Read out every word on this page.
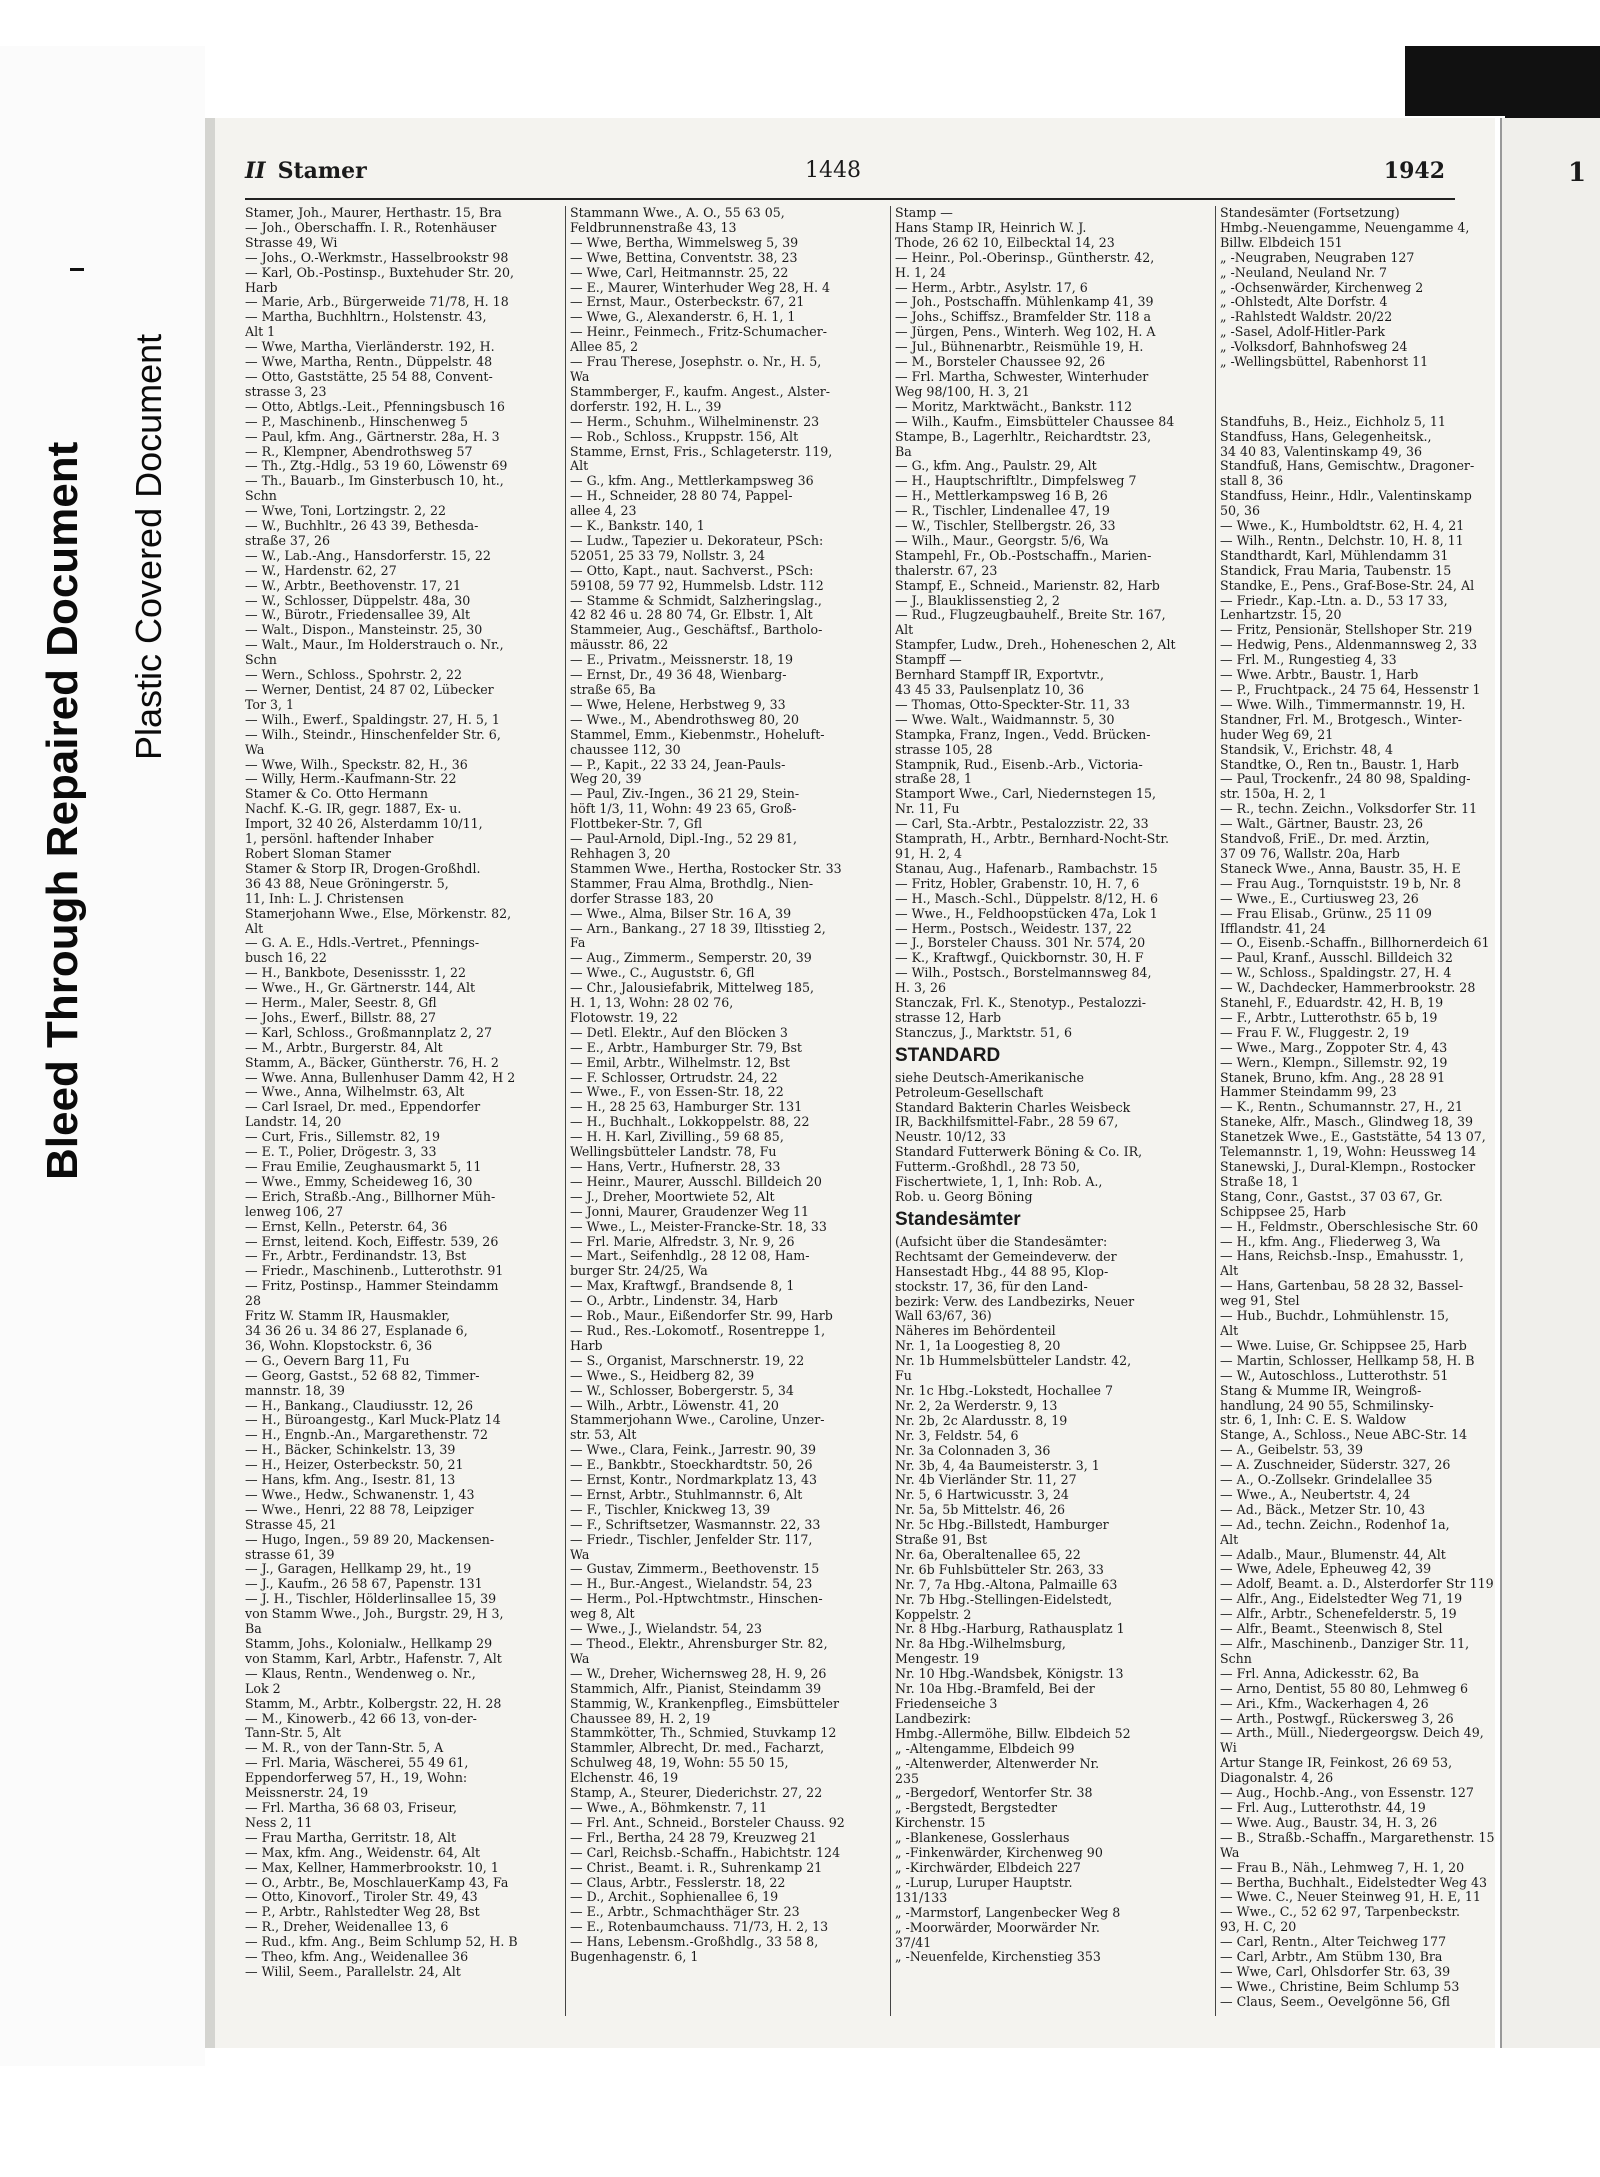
Bleed Through Repaired Document Plastic Covered Document
II Stamer	1448	1942
Stamer, Joh., Maurer, Herthastr. 15, Bra
— Joh., Oberschaffn. I. R., Rotenhäuser
Strasse 49, Wi
— Johs., O.-Werkmstr., Hasselbrookstr 98
— Karl, Ob.-Postinsp., Buxtehuder Str. 20,
Harb
— Marie, Arb., Bürgerweide 71/78, H. 18
— Martha, Buchhltrn., Holstenstr. 43,
Alt 1
— Wwe, Martha, Vierländerstr. 192, H.
— Wwe, Martha, Rentn., Düppelstr. 48
— Otto, Gaststätte, 25 54 88, Convent-
strasse 3, 23
— Otto, Abtlgs.-Leit., Pfenningsbusch 16
— P., Maschinenb., Hinschenweg 5
— Paul, kfm. Ang., Gärtnerstr. 28a, H. 3
— R., Klempner, Abendrothsweg 57
— Th., Ztg.-Hdlg., 53 19 60, Löwenstr 69
— Th., Bauarb., Im Ginsterbusch 10, ht.,
Schn
— Wwe, Toni, Lortzingstr. 2, 22
— W., Buchhltr., 26 43 39, Bethesda-
straße 37, 26
— W., Lab.-Ang., Hansdorferstr. 15, 22
— W., Hardenstr. 62, 27
— W., Arbtr., Beethovenstr. 17, 21
— W., Schlosser, Düppelstr. 48a, 30
— W., Bürotr., Friedensallee 39, Alt
— Walt., Dispon., Mansteinstr. 25, 30
— Walt., Maur., Im Holderstrauch o. Nr.,
Schn
— Wern., Schloss., Spohrstr. 2, 22
— Werner, Dentist, 24 87 02, Lübecker
Tor 3, 1
— Wilh., Ewerf., Spaldingstr. 27, H. 5, 1
— Wilh., Steindr., Hinschenfelder Str. 6,
Wa
— Wwe, Wilh., Speckstr. 82, H., 36
— Willy, Herm.-Kaufmann-Str. 22
Stamer & Co. Otto Hermann
Nachf. K.-G. IR, gegr. 1887, Ex- u.
Import, 32 40 26, Alsterdamm 10/11,
1, persönl. haftender Inhaber
Robert Sloman Stamer
Stamer & Storp IR, Drogen-Großhdl.
36 43 88, Neue Gröningerstr. 5,
11, Inh: L. J. Christensen
Stamerjohann Wwe., Else, Mörkenstr. 82,
Alt
— G. A. E., Hdls.-Vertret., Pfennings-
busch 16, 22
— H., Bankbote, Desenissstr. 1, 22
— Wwe., H., Gr. Gärtnerstr. 144, Alt
— Herm., Maler, Seestr. 8, Gfl
— Johs., Ewerf., Billstr. 88, 27
— Karl, Schloss., Großmannplatz 2, 27
— M., Arbtr., Burgerstr. 84, Alt
Stamm, A., Bäcker, Güntherstr. 76, H. 2
— Wwe. Anna, Bullenhuser Damm 42, H 2
— Wwe., Anna, Wilhelmstr. 63, Alt
— Carl Israel, Dr. med., Eppendorfer
Landstr. 14, 20
— Curt, Fris., Sillemstr. 82, 19
— E. T., Polier, Drögestr. 3, 33
— Frau Emilie, Zeughausmarkt 5, 11
— Wwe., Emmy, Scheideweg 16, 30
— Erich, Straßb.-Ang., Billhorner Müh-
lenweg 106, 27
— Ernst, Kelln., Peterstr. 64, 36
— Ernst, leitend. Koch, Eiffestr. 539, 26
— Fr., Arbtr., Ferdinandstr. 13, Bst
— Friedr., Maschinenb., Lutterothstr. 91
— Fritz, Postinsp., Hammer Steindamm
28
Fritz W. Stamm IR, Hausmakler,
34 36 26 u. 34 86 27, Esplanade 6,
36, Wohn. Klopstockstr. 6, 36
— G., Oevern Barg 11, Fu
— Georg, Gastst., 52 68 82, Timmer-
mannstr. 18, 39
— H., Bankang., Claudiusstr. 12, 26
— H., Büroangestg., Karl Muck-Platz 14
— H., Engnb.-An., Margarethenstr. 72
— H., Bäcker, Schinkelstr. 13, 39
— H., Heizer, Osterbeckstr. 50, 21
— Hans, kfm. Ang., Isestr. 81, 13
— Wwe., Hedw., Schwanenstr. 1, 43
— Wwe., Henri, 22 88 78, Leipziger
Strasse 45, 21
— Hugo, Ingen., 59 89 20, Mackensen-
strasse 61, 39
— J., Garagen, Hellkamp 29, ht., 19
— J., Kaufm., 26 58 67, Papenstr. 131
— J. H., Tischler, Hölderlinsallee 15, 39
von Stamm Wwe., Joh., Burgstr. 29, H 3,
Ba
Stamm, Johs., Kolonialw., Hellkamp 29
von Stamm, Karl, Arbtr., Hafenstr. 7, Alt
— Klaus, Rentn., Wendenweg o. Nr.,
Lok 2
Stamm, M., Arbtr., Kolbergstr. 22, H. 28
— M., Kinowerb., 42 66 13, von-der-
Tann-Str. 5, Alt
— M. R., von der Tann-Str. 5, A
— Frl. Maria, Wäscherei, 55 49 61,
Eppendorferweg 57, H., 19, Wohn:
Meissnerstr. 24, 19
— Frl. Martha, 36 68 03, Friseur,
Ness 2, 11
— Frau Martha, Gerritstr. 18, Alt
— Max, kfm. Ang., Weidenstr. 64, Alt
— Max, Kellner, Hammerbrookstr. 10, 1
— O., Arbtr., Be, MoschlauerKamp 43, Fa
— Otto, Kinovorf., Tiroler Str. 49, 43
— P., Arbtr., Rahlstedter Weg 28, Bst
— R., Dreher, Weidenallee 13, 6
— Rud., kfm. Ang., Beim Schlump 52, H. B
— Theo, kfm. Ang., Weidenallee 36
— Wilil, Seem., Parallelstr. 24, Alt
Stammann Wwe., A. O., 55 63 05,
Feldbrunnenstraße 43, 13
— Wwe, Bertha, Wimmelsweg 5, 39
— Wwe, Bettina, Conventstr. 38, 23
— Wwe, Carl, Heitmannstr. 25, 22
— E., Maurer, Winterhuder Weg 28, H. 4
— Ernst, Maur., Osterbeckstr. 67, 21
— Wwe, G., Alexanderstr. 6, H. 1, 1
— Heinr., Feinmech., Fritz-Schumacher-
Allee 85, 2
— Frau Therese, Josephstr. o. Nr., H. 5,
Wa
Stammberger, F., kaufm. Angest., Alster-
dorferstr. 192, H. L., 39
— Herm., Schuhm., Wilhelminenstr. 23
— Rob., Schloss., Kruppstr. 156, Alt
Stamme, Ernst, Fris., Schlageterstr. 119,
Alt
— G., kfm. Ang., Mettlerkampsweg 36
— H., Schneider, 28 80 74, Pappel-
allee 4, 23
— K., Bankstr. 140, 1
— Ludw., Tapezier u. Dekorateur, PSch:
52051, 25 33 79, Nollstr. 3, 24
— Otto, Kapt., naut. Sachverst., PSch:
59108, 59 77 92, Hummelsb. Ldstr. 112
— Stamme & Schmidt, Salzheringslag.,
42 82 46 u. 28 80 74, Gr. Elbstr. 1, Alt
Stammeier, Aug., Geschäftsf., Bartholo-
mäusstr. 86, 22
— E., Privatm., Meissnerstr. 18, 19
— Ernst, Dr., 49 36 48, Wienbarg-
straße 65, Ba
— Wwe, Helene, Herbstweg 9, 33
— Wwe., M., Abendrothsweg 80, 20
Stammel, Emm., Kiebenmstr., Hoheluft-
chaussee 112, 30
— P., Kapit., 22 33 24, Jean-Pauls-
Weg 20, 39
— Paul, Ziv.-Ingen., 36 21 29, Stein-
höft 1/3, 11, Wohn: 49 23 65, Groß-
Flottbeker-Str. 7, Gfl
— Paul-Arnold, Dipl.-Ing., 52 29 81,
Rehhagen 3, 20
Stammen Wwe., Hertha, Rostocker Str. 33
Stammer, Frau Alma, Brothdlg., Nien-
dorfer Strasse 183, 20
— Wwe., Alma, Bilser Str. 16 A, 39
— Arn., Bankang., 27 18 39, Iltisstieg 2,
Fa
— Aug., Zimmerm., Semperstr. 20, 39
— Wwe., C., Auguststr. 6, Gfl
— Chr., Jalousiefabrik, Mittelweg 185,
H. 1, 13, Wohn: 28 02 76,
Flotowstr. 19, 22
— Detl. Elektr., Auf den Blöcken 3
— E., Arbtr., Hamburger Str. 79, Bst
— Emil, Arbtr., Wilhelmstr. 12, Bst
— F. Schlosser, Ortrudstr. 24, 22
— Wwe., F., von Essen-Str. 18, 22
— H., 28 25 63, Hamburger Str. 131
— H., Buchhalt., Lokkoppelstr. 88, 22
— H. H. Karl, Zivilling., 59 68 85,
Wellingsbütteler Landstr. 78, Fu
— Hans, Vertr., Hufnerstr. 28, 33
— Heinr., Maurer, Ausschl. Billdeich 20
— J., Dreher, Moortwiete 52, Alt
— Jonni, Maurer, Graudenzer Weg 11
— Wwe., L., Meister-Francke-Str. 18, 33
— Frl. Marie, Alfredstr. 3, Nr. 9, 26
— Mart., Seifenhdlg., 28 12 08, Ham-
burger Str. 24/25, Wa
— Max, Kraftwgf., Brandsende 8, 1
— O., Arbtr., Lindenstr. 34, Harb
— Rob., Maur., Eißendorfer Str. 99, Harb
— Rud., Res.-Lokomotf., Rosentreppe 1,
Harb
— S., Organist, Marschnerstr. 19, 22
— Wwe., S., Heidberg 82, 39
— W., Schlosser, Bobergerstr. 5, 34
— Wilh., Arbtr., Löwenstr. 41, 20
Stammerjohann Wwe., Caroline, Unzer-
str. 53, Alt
— Wwe., Clara, Feink., Jarrestr. 90, 39
— E., Bankbtr., Stoeckhardtstr. 50, 26
— Ernst, Kontr., Nordmarkplatz 13, 43
— Ernst, Arbtr., Stuhlmannstr. 6, Alt
— F., Tischler, Knickweg 13, 39
— F., Schriftsetzer, Wasmannstr. 22, 33
— Friedr., Tischler, Jenfelder Str. 117,
Wa
— Gustav, Zimmerm., Beethovenstr. 15
— H., Bur.-Angest., Wielandstr. 54, 23
— Herm., Pol.-Hptwchtmstr., Hinschen-
weg 8, Alt
— Wwe., J., Wielandstr. 54, 23
— Theod., Elektr., Ahrensburger Str. 82,
Wa
— W., Dreher, Wichernsweg 28, H. 9, 26
Stammich, Alfr., Pianist, Steindamm 39
Stammig, W., Krankenpfleg., Eimsbütteler
Chaussee 89, H. 2, 19
Stammkötter, Th., Schmied, Stuvkamp 12
Stammler, Albrecht, Dr. med., Facharzt,
Schulweg 48, 19, Wohn: 55 50 15,
Elchenstr. 46, 19
Stamp, A., Steurer, Diederichstr. 27, 22
— Wwe., A., Böhmkenstr. 7, 11
— Frl. Ant., Schneid., Borsteler Chauss. 92
— Frl., Bertha, 24 28 79, Kreuzweg 21
— Carl, Reichsb.-Schaffn., Habichtstr. 124
— Christ., Beamt. i. R., Suhrenkamp 21
— Claus, Arbtr., Fesslerstr. 18, 22
— D., Archit., Sophienallee 6, 19
— E., Arbtr., Schmachthäger Str. 23
— E., Rotenbaumchauss. 71/73, H. 2, 13
— Hans, Lebensm.-Großhdlg., 33 58 8,
Bugenhagenstr. 6, 1
Stamp —
Hans Stamp IR, Heinrich W. J.
Thode, 26 62 10, Eilbecktal 14, 23
— Heinr., Pol.-Oberinsp., Güntherstr. 42,
H. 1, 24
— Herm., Arbtr., Asylstr. 17, 6
— Joh., Postschaffn. Mühlenkamp 41, 39
— Johs., Schiffsz., Bramfelder Str. 118 a
— Jürgen, Pens., Winterh. Weg 102, H. A
— Jul., Bühnenarbtr., Reismühle 19, H.
— M., Borsteler Chaussee 92, 26
— Frl. Martha, Schwester, Winterhuder
Weg 98/100, H. 3, 21
— Moritz, Marktwächt., Bankstr. 112
— Wilh., Kaufm., Eimsbütteler Chaussee 84
Stampe, B., Lagerhltr., Reichardtstr. 23,
Ba
— G., kfm. Ang., Paulstr. 29, Alt
— H., Hauptschriftltr., Dimpfelsweg 7
— H., Mettlerkampsweg 16 B, 26
— R., Tischler, Lindenallee 47, 19
— W., Tischler, Stellbergstr. 26, 33
— Wilh., Maur., Georgstr. 5/6, Wa
Stampehl, Fr., Ob.-Postschaffn., Marien-
thalerstr. 67, 23
Stampf, E., Schneid., Marienstr. 82, Harb
— J., Blauklissenstieg 2, 2
— Rud., Flugzeugbauhelf., Breite Str. 167,
Alt
Stampfer, Ludw., Dreh., Hoheneschen 2, Alt
Stampff —
Bernhard Stampff IR, Exportvtr.,
43 45 33, Paulsenplatz 10, 36
— Thomas, Otto-Speckter-Str. 11, 33
— Wwe. Walt., Waidmannstr. 5, 30
Stampka, Franz, Ingen., Vedd. Brücken-
strasse 105, 28
Stampnik, Rud., Eisenb.-Arb., Victoria-
straße 28, 1
Stamport Wwe., Carl, Niedernstegen 15,
Nr. 11, Fu
— Carl, Sta.-Arbtr., Pestalozzistr. 22, 33
Stamprath, H., Arbtr., Bernhard-Nocht-Str.
91, H. 2, 4
Stanau, Aug., Hafenarb., Rambachstr. 15
— Fritz, Hobler, Grabenstr. 10, H. 7, 6
— H., Masch.-Schl., Düppelstr. 8/12, H. 6
— Wwe., H., Feldhoopstücken 47a, Lok 1
— Herm., Postsch., Weidestr. 137, 22
— J., Borsteler Chauss. 301 Nr. 574, 20
— K., Kraftwgf., Quickbornstr. 30, H. F
— Wilh., Postsch., Borstelmannsweg 84,
H. 3, 26
Stanczak, Frl. K., Stenotyp., Pestalozzi-
strasse 12, Harb
Stanczus, J., Marktstr. 51, 6
STANDARD
siehe Deutsch-Amerikanische
Petroleum-Gesellschaft
Standard Bakterin Charles Weisbeck
IR, Backhilfsmittel-Fabr., 28 59 67,
Neustr. 10/12, 33
Standard Futterwerk Böning & Co. IR,
Futterm.-Großhdl., 28 73 50,
Fischertwiete, 1, 1, Inh: Rob. A.,
Rob. u. Georg Böning
Standesämter
(Aufsicht über die Standesämter:
Rechtsamt der Gemeindeverw. der
Hansestadt Hbg., 44 88 95, Klop-
stockstr. 17, 36, für den Land-
bezirk: Verw. des Landbezirks, Neuer
Wall 63/67, 36)
Näheres im Behördenteil
Nr. 1, 1a Loogestieg 8, 20
Nr. 1b Hummelsbütteler Landstr. 42,
Fu
Nr. 1c Hbg.-Lokstedt, Hochallee 7
Nr. 2, 2a Werderstr. 9, 13
Nr. 2b, 2c Alardusstr. 8, 19
Nr. 3, Feldstr. 54, 6
Nr. 3a Colonnaden 3, 36
Nr. 3b, 4, 4a Baumeisterstr. 3, 1
Nr. 4b Vierländer Str. 11, 27
Nr. 5, 6 Hartwicusstr. 3, 24
Nr. 5a, 5b Mittelstr. 46, 26
Nr. 5c Hbg.-Billstedt, Hamburger
Straße 91, Bst
Nr. 6a, Oberaltenallee 65, 22
Nr. 6b Fuhlsbütteler Str. 263, 33
Nr. 7, 7a Hbg.-Altona, Palmaille 63
Nr. 7b Hbg.-Stellingen-Eidelstedt,
Koppelstr. 2
Nr. 8 Hbg.-Harburg, Rathausplatz 1
Nr. 8a Hbg.-Wilhelmsburg,
Mengestr. 19
Nr. 10 Hbg.-Wandsbek, Königstr. 13
Nr. 10a Hbg.-Bramfeld, Bei der
Friedenseiche 3
Landbezirk:
Hmbg.-Allermöhe, Billw. Elbdeich 52
„ -Altengamme, Elbdeich 99
„ -Altenwerder, Altenwerder Nr.
235
„ -Bergedorf, Wentorfer Str. 38
„ -Bergstedt, Bergstedter
Kirchenstr. 15
„ -Blankenese, Gosslerhaus
„ -Finkenwärder, Kirchenweg 90
„ -Kirchwärder, Elbdeich 227
„ -Lurup, Luruper Hauptstr.
131/133
„ -Marmstorf, Langenbecker Weg 8
„ -Moorwärder, Moorwärder Nr.
37/41
„ -Neuenfelde, Kirchenstieg 353
Standesämter (Fortsetzung)
Hmbg.-Neuengamme, Neuengamme 4,
Billw. Elbdeich 151
„ -Neugraben, Neugraben 127
„ -Neuland, Neuland Nr. 7
„ -Ochsenwärder, Kirchenweg 2
„ -Ohlstedt, Alte Dorfstr. 4
„ -Rahlstedt Waldstr. 20/22
„ -Sasel, Adolf-Hitler-Park
„ -Volksdorf, Bahnhofsweg 24
„ -Wellingsbüttel, Rabenhorst 11

Standfuhs, B., Heiz., Eichholz 5, 11
Standfuss, Hans, Gelegenheitsk.,
34 40 83, Valentinskamp 49, 36
Standfuß, Hans, Gemischtw., Dragoner-
stall 8, 36
Standfuss, Heinr., Hdlr., Valentinskamp
50, 36
— Wwe., K., Humboldtstr. 62, H. 4, 21
— Wilh., Rentn., Delchstr. 10, H. 8, 11
Standthardt, Karl, Mühlendamm 31
Standick, Frau Maria, Taubenstr. 15
Standke, E., Pens., Graf-Bose-Str. 24, Al
— Friedr., Kap.-Ltn. a. D., 53 17 33,
Lenhartzstr. 15, 20
— Fritz, Pensionär, Stellshoper Str. 219
— Hedwig, Pens., Aldenmannsweg 2, 33
— Frl. M., Rungestieg 4, 33
— Wwe. Arbtr., Baustr. 1, Harb
— P., Fruchtpack., 24 75 64, Hessenstr 1
— Wwe. Wilh., Timmermannstr. 19, H.
Standner, Frl. M., Brotgesch., Winter-
huder Weg 69, 21
Standsik, V., Erichstr. 48, 4
Standtke, O., Ren tn., Baustr. 1, Harb
— Paul, Trockenfr., 24 80 98, Spalding-
str. 150a, H. 2, 1
— R., techn. Zeichn., Volksdorfer Str. 11
— Walt., Gärtner, Baustr. 23, 26
Standvoß, FriE., Dr. med. Ärztin,
37 09 76, Wallstr. 20a, Harb
Staneck Wwe., Anna, Baustr. 35, H. E
— Frau Aug., Tornquiststr. 19 b, Nr. 8
— Wwe., E., Curtiusweg 23, 26
— Frau Elisab., Grünw., 25 11 09
Ifflandstr. 41, 24
— O., Eisenb.-Schaffn., Billhornerdeich 61
— Paul, Kranf., Ausschl. Billdeich 32
— W., Schloss., Spaldingstr. 27, H. 4
— W., Dachdecker, Hammerbrookstr. 28
Stanehl, F., Eduardstr. 42, H. B, 19
— F., Arbtr., Lutterothstr. 65 b, 19
— Frau F. W., Fluggestr. 2, 19
— Wwe., Marg., Zoppoter Str. 4, 43
— Wern., Klempn., Sillemstr. 92, 19
Stanek, Bruno, kfm. Ang., 28 28 91
Hammer Steindamm 99, 23
— K., Rentn., Schumannstr. 27, H., 21
Staneke, Alfr., Masch., Glindweg 18, 39
Stanetzek Wwe., E., Gaststätte, 54 13 07,
Telemannstr. 1, 19, Wohn: Heussweg 14
Stanewski, J., Dural-Klempn., Rostocker
Straße 18, 1
Stang, Conr., Gastst., 37 03 67, Gr.
Schippsee 25, Harb
— H., Feldmstr., Oberschlesische Str. 60
— H., kfm. Ang., Fliederweg 3, Wa
— Hans, Reichsb.-Insp., Emahusstr. 1,
Alt
— Hans, Gartenbau, 58 28 32, Bassel-
weg 91, Stel
— Hub., Buchdr., Lohmühlenstr. 15,
Alt
— Wwe. Luise, Gr. Schippsee 25, Harb
— Martin, Schlosser, Hellkamp 58, H. B
— W., Autoschloss., Lutterothstr. 51
Stang & Mumme IR, Weingroß-
handlung, 24 90 55, Schmilinsky-
str. 6, 1, Inh: C. E. S. Waldow
Stange, A., Schloss., Neue ABC-Str. 14
— A., Geibelstr. 53, 39
— A. Zuschneider, Süderstr. 327, 26
— A., O.-Zollsekr. Grindelallee 35
— Wwe., A., Neubertstr. 4, 24
— Ad., Bäck., Metzer Str. 10, 43
— Ad., techn. Zeichn., Rodenhof 1a,
Alt
— Adalb., Maur., Blumenstr. 44, Alt
— Wwe, Adele, Epheuweg 42, 39
— Adolf, Beamt. a. D., Alsterdorfer Str 119
— Alfr., Ang., Eidelstedter Weg 71, 19
— Alfr., Arbtr., Schenefelderstr. 5, 19
— Alfr., Beamt., Steenwisch 8, Stel
— Alfr., Maschinenb., Danziger Str. 11,
Schn
— Frl. Anna, Adickesstr. 62, Ba
— Arno, Dentist, 55 80 80, Lehmweg 6
— Ari., Kfm., Wackerhagen 4, 26
— Arth., Postwgf., Rückersweg 3, 26
— Arth., Müll., Niedergeorgsw. Deich 49,
Wi
Artur Stange IR, Feinkost, 26 69 53,
Diagonalstr. 4, 26
— Aug., Hochb.-Ang., von Essenstr. 127
— Frl. Aug., Lutterothstr. 44, 19
— Wwe. Aug., Baustr. 34, H. 3, 26
— B., Straßb.-Schaffn., Margarethenstr. 15
Wa
— Frau B., Näh., Lehmweg 7, H. 1, 20
— Bertha, Buchhalt., Eidelstedter Weg 43
— Wwe. C., Neuer Steinweg 91, H. E, 11
— Wwe., C., 52 62 97, Tarpenbeckstr.
93, H. C, 20
— Carl, Rentn., Alter Teichweg 177
— Carl, Arbtr., Am Stübm 130, Bra
— Wwe, Carl, Ohlsdorfer Str. 63, 39
— Wwe., Christine, Beim Schlump 53
— Claus, Seem., Oevelgönne 56, Gfl
1
